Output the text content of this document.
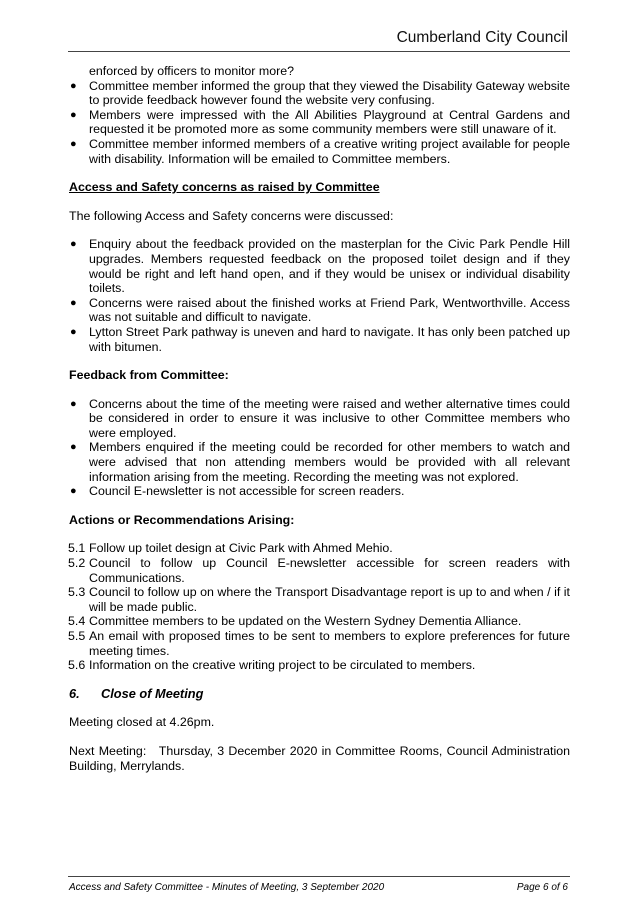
Cumberland City Council

enforced by officers to monitor more?

● Committee member informed the group that they viewed the Disability Gateway website to provide feedback however found the website very confusing.
● Members were impressed with the All Abilities Playground at Central Gardens and requested it be promoted more as some community members were still unaware of it.
● Committee member informed members of a creative writing project available for people with disability. Information will be emailed to Committee members.

Access and Safety concerns as raised by Committee

The following Access and Safety concerns were discussed:

● Enquiry about the feedback provided on the masterplan for the Civic Park Pendle Hill upgrades. Members requested feedback on the proposed toilet design and if they would be right and left hand open, and if they would be unisex or individual disability toilets.
● Concerns were raised about the finished works at Friend Park, Wentworthville. Access was not suitable and difficult to navigate.
● Lytton Street Park pathway is uneven and hard to navigate. It has only been patched up with bitumen.

Feedback from Committee:

● Concerns about the time of the meeting were raised and wether alternative times could be considered in order to ensure it was inclusive to other Committee members who were employed.
● Members enquired if the meeting could be recorded for other members to watch and were advised that non attending members would be provided with all relevant information arising from the meeting. Recording the meeting was not explored.
● Council E-newsletter is not accessible for screen readers.

Actions or Recommendations Arising:

5.1 Follow up toilet design at Civic Park with Ahmed Mehio.
5.2 Council to follow up Council E-newsletter accessible for screen readers with Communications.
5.3 Council to follow up on where the Transport Disadvantage report is up to and when / if it will be made public.
5.4 Committee members to be updated on the Western Sydney Dementia Alliance.
5.5 An email with proposed times to be sent to members to explore preferences for future meeting times.
5.6 Information on the creative writing project to be circulated to members.

6. Close of Meeting

Meeting closed at 4.26pm.

Next Meeting:   Thursday, 3 December 2020 in Committee Rooms, Council Administration Building, Merrylands.

Access and Safety Committee - Minutes of Meeting, 3 September 2020	Page 6 of 6
